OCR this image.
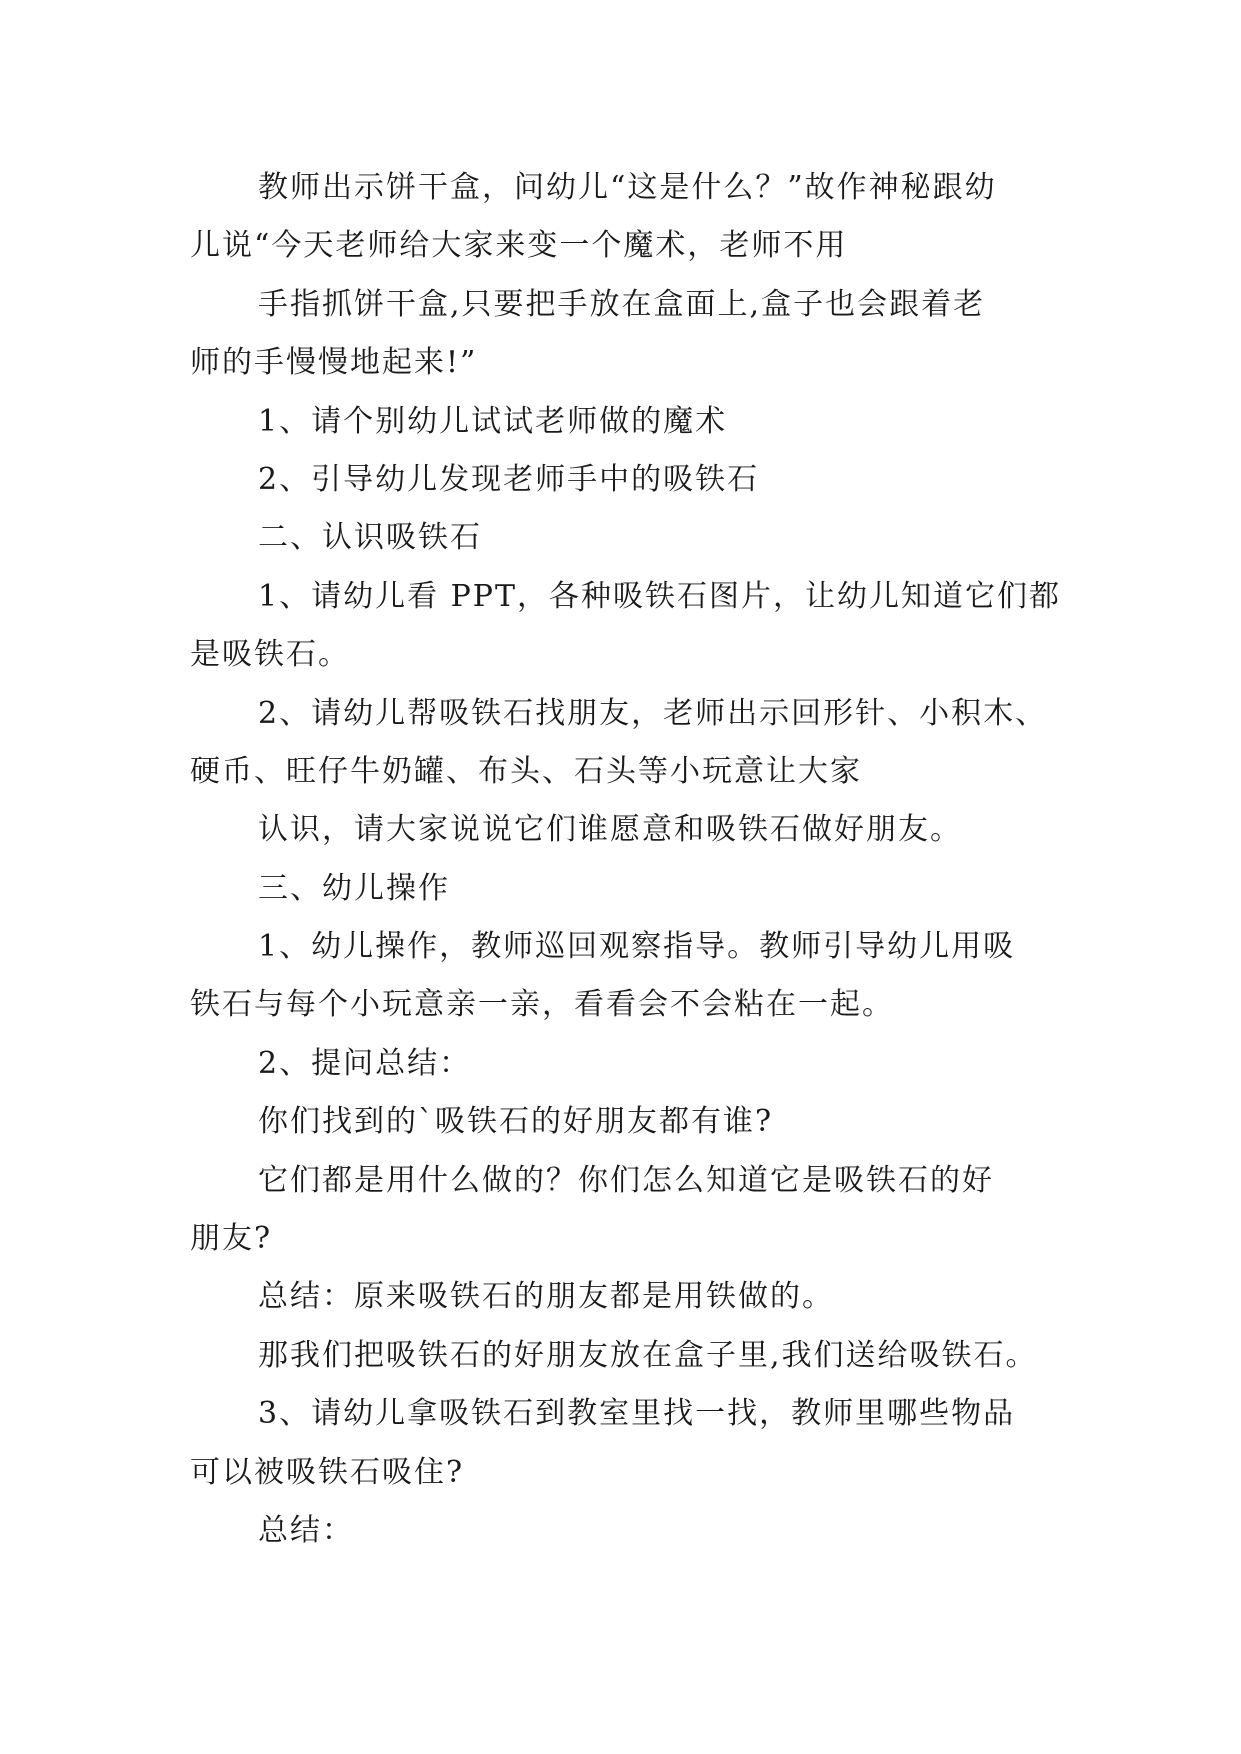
教师出示饼干盒，问幼儿“这是什么？”故作神秘跟幼
儿说“今天老师给大家来变一个魔术，老师不用
手指抓饼干盒,只要把手放在盒面上,盒子也会跟着老
师的手慢慢地起来!”
1、请个别幼儿试试老师做的魔术
2、引导幼儿发现老师手中的吸铁石
二、认识吸铁石
1、请幼儿看 PPT，各种吸铁石图片，让幼儿知道它们都
是吸铁石。
2、请幼儿帮吸铁石找朋友，老师出示回形针、小积木、
硬币、旺仔牛奶罐、布头、石头等小玩意让大家
认识，请大家说说它们谁愿意和吸铁石做好朋友。
三、幼儿操作
1、幼儿操作，教师巡回观察指导。教师引导幼儿用吸
铁石与每个小玩意亲一亲，看看会不会粘在一起。
2、提问总结：
你们找到的`吸铁石的好朋友都有谁?
它们都是用什么做的？你们怎么知道它是吸铁石的好
朋友?
总结：原来吸铁石的朋友都是用铁做的。
那我们把吸铁石的好朋友放在盒子里,我们送给吸铁石。
3、请幼儿拿吸铁石到教室里找一找，教师里哪些物品
可以被吸铁石吸住?
总结：
